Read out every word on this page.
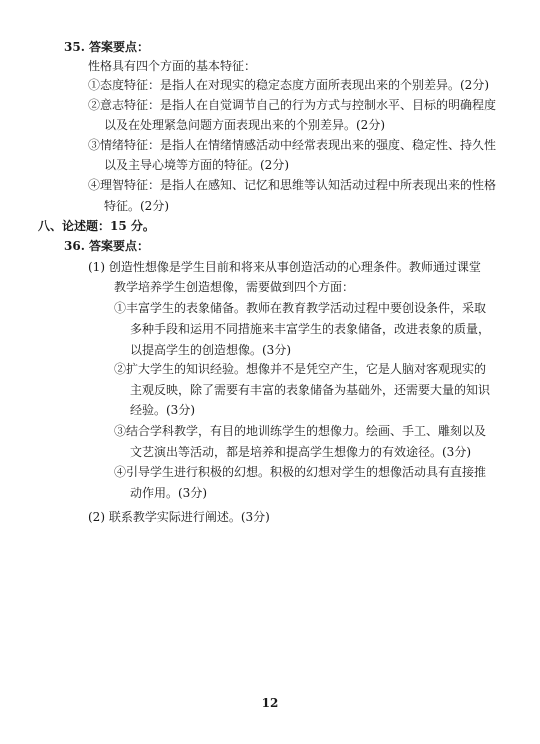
35. 答案要点：
性格具有四个方面的基本特征：
①态度特征：是指人在对现实的稳定态度方面所表现出来的个别差异。(2分)
②意志特征：是指人在自觉调节自己的行为方式与控制水平、目标的明确程度
以及在处理紧急问题方面表现出来的个别差异。(2分)
③情绪特征：是指人在情绪情感活动中经常表现出来的强度、稳定性、持久性
以及主导心境等方面的特征。(2分)
④理智特征：是指人在感知、记忆和思维等认知活动过程中所表现出来的性格
特征。(2分)
八、论述题：15 分。
36. 答案要点：
(1) 创造性想像是学生目前和将来从事创造活动的心理条件。教师通过课堂
教学培养学生创造想像，需要做到四个方面：
①丰富学生的表象储备。教师在教育教学活动过程中要创设条件，采取
多种手段和运用不同措施来丰富学生的表象储备，改进表象的质量，
以提高学生的创造想像。(3分)
②扩大学生的知识经验。想像并不是凭空产生，它是人脑对客观现实的
主观反映，除了需要有丰富的表象储备为基础外，还需要大量的知识
经验。(3分)
③结合学科教学，有目的地训练学生的想像力。绘画、手工、雕刻以及
文艺演出等活动，都是培养和提高学生想像力的有效途径。(3分)
④引导学生进行积极的幻想。积极的幻想对学生的想像活动具有直接推
动作用。(3分)
(2) 联系教学实际进行阐述。(3分)
12
